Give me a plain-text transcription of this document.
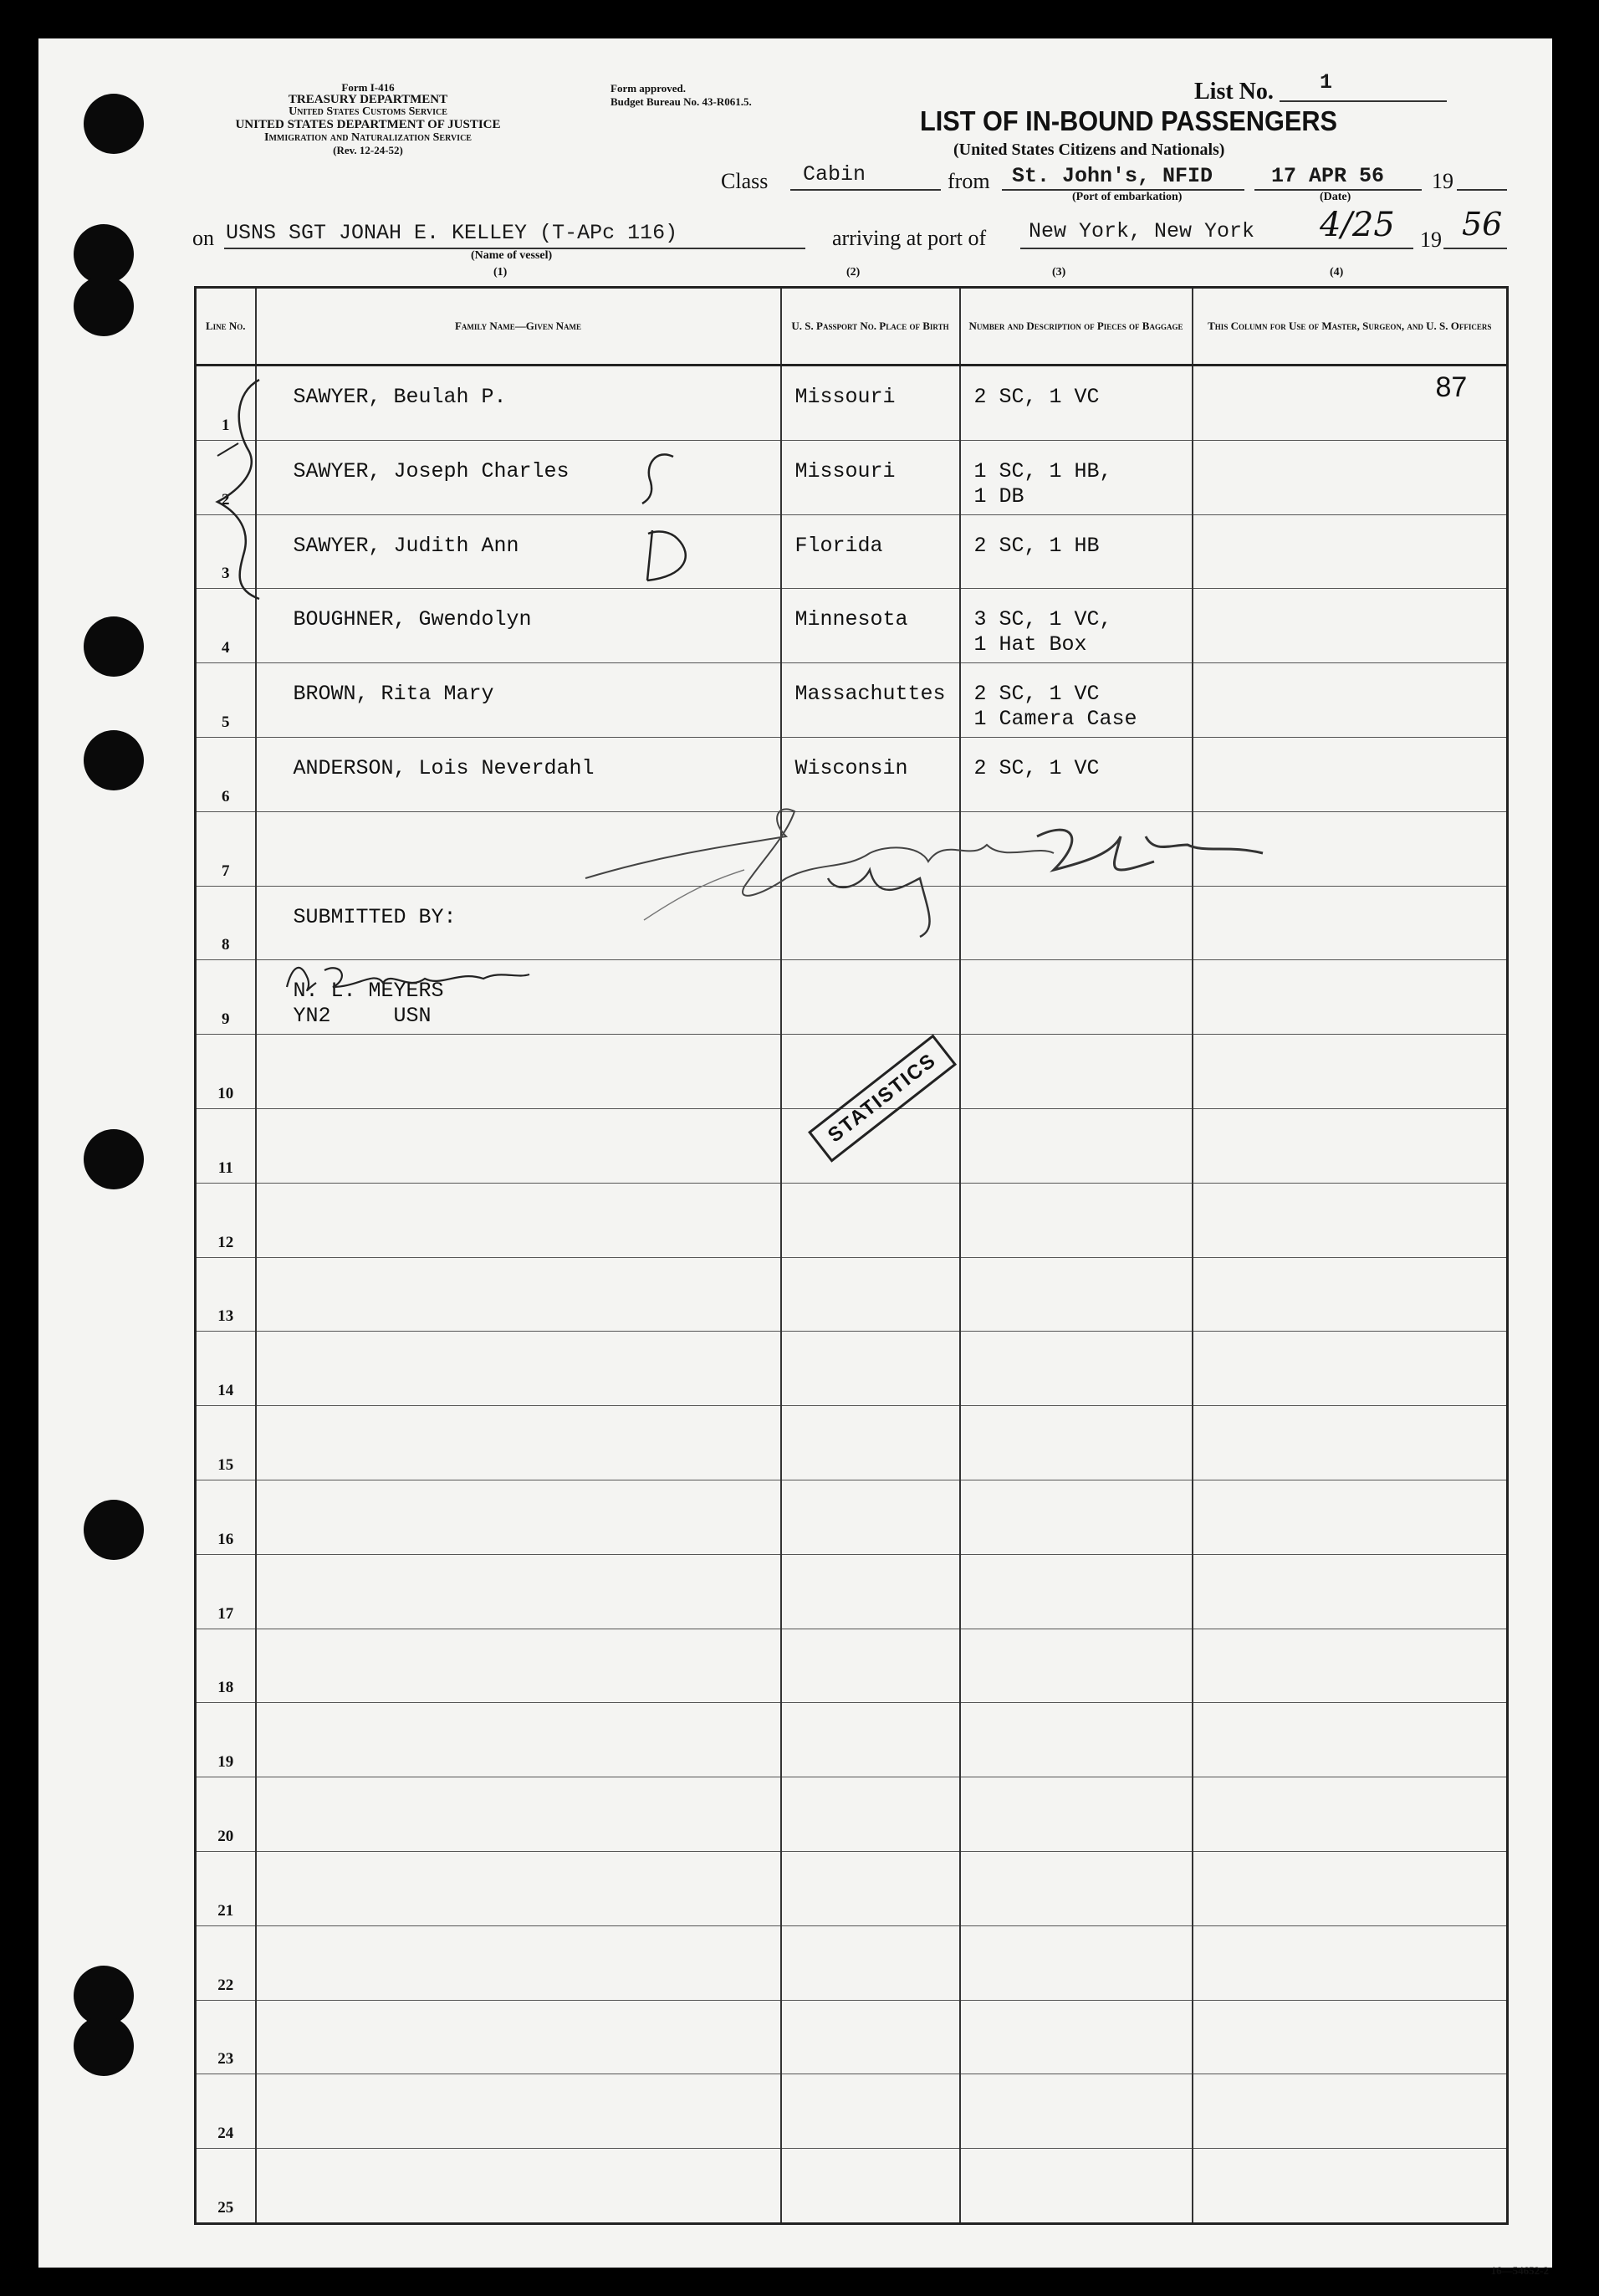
Form I-416
TREASURY DEPARTMENT
United States Customs Service
UNITED STATES DEPARTMENT OF JUSTICE
Immigration and Naturalization Service
(Rev. 12-24-52)
Form approved.
Budget Bureau No. 43-R061.5.	List No. 1
LIST OF IN-BOUND PASSENGERS
(United States Citizens and Nationals)
Class Cabin	from St. John's, NFID	17 APR 56 19
(Port of embarkation)	(Date)
on USNS SGT JONAH E. KELLEY (T-APc 116)
(Name of vessel)
arriving at port of New York, New York 4/25 19 56
(1)	(2)	(3)	(4)
Line No.	Family Name—Given Name	U. S. Passport No. Place of Birth	Number and Description of Pieces of Baggage	This Column for Use of Master, Surgeon, and U. S. Officers
1	SAWYER, Beulah P.	Missouri	2 SC, 1 VC	87

2	SAWYER, Joseph Charles	Missouri	1 SC, 1 HB,
1 DB	

3	SAWYER, Judith Ann	Florida	2 SC, 1 HB	

4	BOUGHNER, Gwendolyn	Minnesota	3 SC, 1 VC,
1 Hat Box	

5	BROWN, Rita Mary	Massachuttes	2 SC, 1 VC
1 Camera Case	

6	ANDERSON, Lois Neverdahl	Wisconsin	2 SC, 1 VC	

7	

8	SUBMITTED BY:			

9	N. L. MEYERS
YN2     USN			

10	

11	

12	

13	

14	

15	

16	

17	

18	

19	

20	

21	

22	

23	

24	

25	

STATISTICS
16—54652-2
